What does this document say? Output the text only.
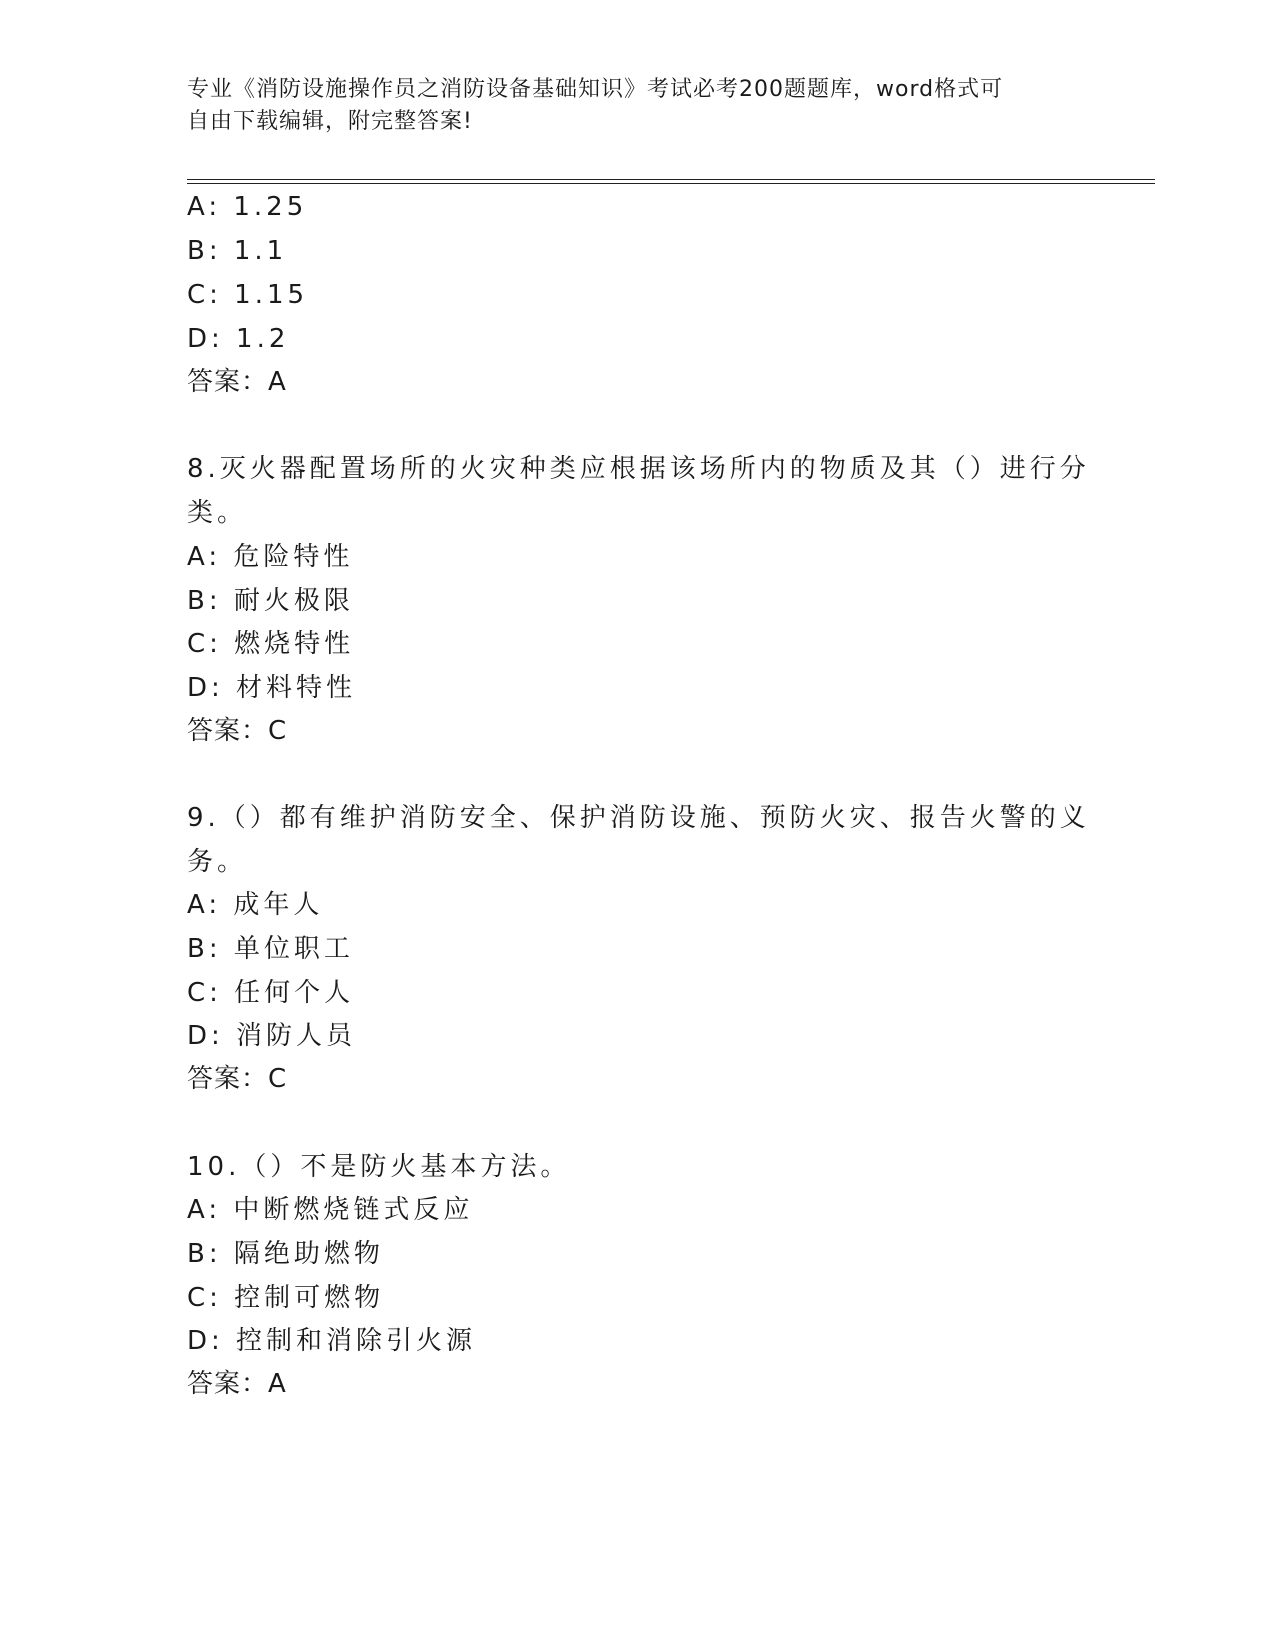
专业《消防设施操作员之消防设备基础知识》考试必考200题题库，word格式可
自由下载编辑，附完整答案!
A: 1.25
B: 1.1
C: 1.15
D: 1.2
答案：A
8.灭火器配置场所的火灾种类应根据该场所内的物质及其（）进行分
类。
A: 危险特性
B: 耐火极限
C: 燃烧特性
D: 材料特性
答案：C
9.（）都有维护消防安全、保护消防设施、预防火灾、报告火警的义
务。
A: 成年人
B: 单位职工
C: 任何个人
D: 消防人员
答案：C
10.（）不是防火基本方法。
A: 中断燃烧链式反应
B: 隔绝助燃物
C: 控制可燃物
D: 控制和消除引火源
答案：A
